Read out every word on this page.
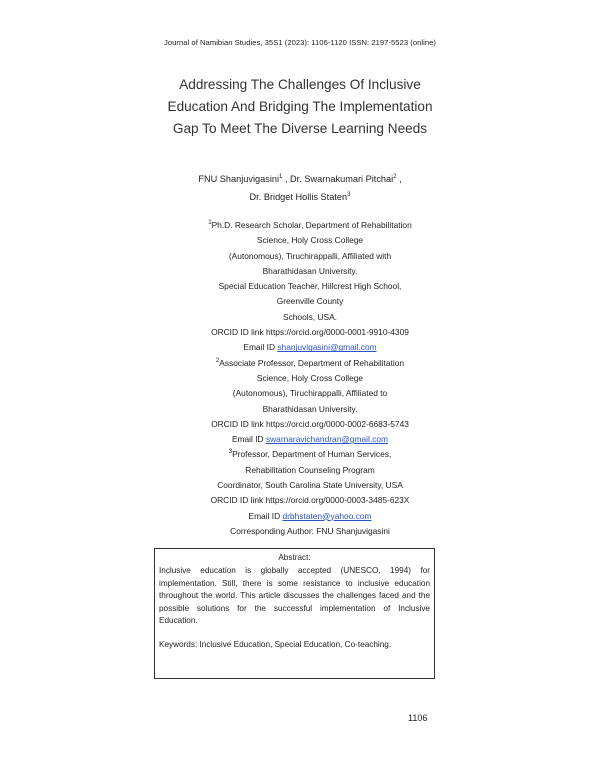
Journal of Namibian Studies, 35S1 (2023): 1106-1120 ISSN: 2197-5523 (online)
Addressing The Challenges Of Inclusive
Education And Bridging The Implementation
Gap To Meet The Diverse Learning Needs
FNU Shanjuvigasini$^1$ , Dr. Swarnakumari Pitchai$^2$ ,
Dr. Bridget Hollis Staten$^3$
$^1$Ph.D. Research Scholar, Department of Rehabilitation
Science, Holy Cross College
(Autonomous), Tiruchirappalli, Affiliated with
Bharathidasan University.
Special Education Teacher, Hillcrest High School,
Greenville County
Schools, USA.
ORCID ID link https://orcid.org/0000-0001-9910-4309
Email ID shanjuvigasini@gmail.com
$^2$Associate Professor, Department of Rehabilitation
Science, Holy Cross College
(Autonomous), Tiruchirappalli, Affiliated to
Bharathidasan University.
ORCID ID link https://orcid.org/0000-0002-6683-5743
Email ID swarnaravichandran@gmail.com
$^3$Professor, Department of Human Services,
Rehabilitation Counseling Program
Coordinator, South Carolina State University, USA
ORCID ID link https://orcid.org/0000-0003-3485-623X
Email ID drbhstaten@yahoo.com
Corresponding Author: FNU Shanjuvigasini
Abstract:

Inclusive education is globally accepted (UNESCO, 1994) for implementation. Still, there is some resistance to inclusive education throughout the world. This article discusses the challenges faced and the possible solutions for the successful implementation of Inclusive Education.

Keywords: Inclusive Education, Special Education, Co-teaching.

1106
